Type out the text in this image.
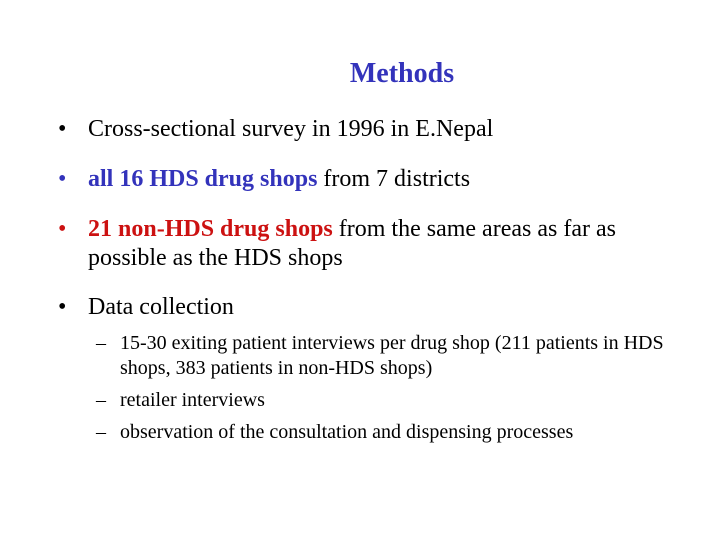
Methods
• Cross-sectional survey in 1996 in E.Nepal
• all 16 HDS drug shops from 7 districts
• 21 non-HDS drug shops from the same areas as far as possible as the HDS shops
• Data collection
– 15-30 exiting patient interviews per drug shop (211 patients in HDS shops, 383 patients in non-HDS shops)
– retailer interviews
– observation of the consultation and dispensing processes
